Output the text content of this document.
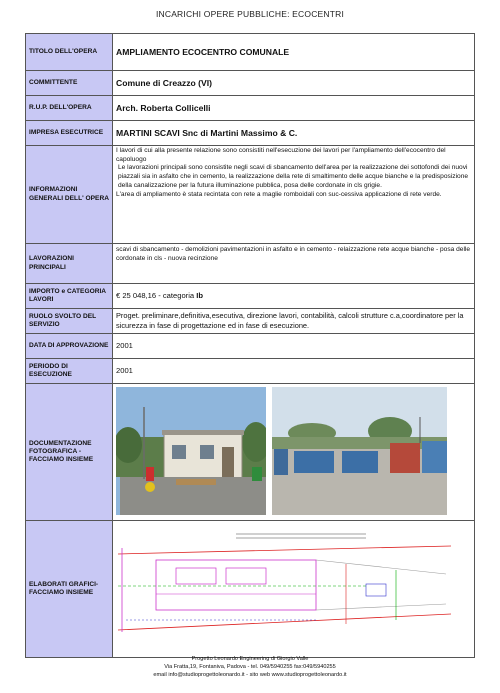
INCARICHI OPERE PUBBLICHE: ECOCENTRI
TITOLO DELL'OPERA	AMPLIAMENTO ECOCENTRO COMUNALE
COMMITTENTE	Comune di Creazzo (VI)
R.U.P. DELL'OPERA	Arch. Roberta Collicelli
IMPRESA ESECUTRICE	MARTINI SCAVI Snc di Martini Massimo & C.
INFORMAZIONI GENERALI DELL' OPERA	I lavori di cui alla presente relazione sono consistiti nell'esecuzione dei lavori per l'ampliamento dell'ecocentro del capoluogo
Le lavorazioni principali sono consistite negli scavi di sbancamento dell'area per la realizzazione dei sottofondi dei nuovi piazzali sia in asfalto che in cemento, la realizzazione della rete di smaltimento delle acque bianche e la predisposizione della canalizzazione per la futura illuminazione pubblica, posa delle cordonate in cls grigie.
L'area di ampliamento è stata recintata con rete a maglie romboidali con suc-cessiva applicazione di rete verde.

LAVORAZIONI PRINCIPALI	scavi di sbancamento - demolizioni pavimentazioni in asfalto e in cemento - relaizzazione rete acque bianche - posa delle cordonate in cls - nuova recinzione
IMPORTO e CATEGORIA LAVORI	€ 25 048,16 - categoria Ib
RUOLO SVOLTO DEL SERVIZIO	Proget. preliminare,definitiva,esecutiva, direzione lavori, contabilità, calcoli strutture c.a,coordinatore per la sicurezza in fase di progettazione ed in fase di esecuzione.
DATA DI APPROVAZIONE	2001
PERIODO DI ESECUZIONE	2001
DOCUMENTAZIONE FOTOGRAFICA - FACCIAMO INSIEME	

ELABORATI GRAFICI- FACCIAMO INSIEME	
Progetto Leonardo Engineering di Giorgio Valle
Via Fratta,19, Fontaniva, Padova - tel. 049/5940255 fax:049/5940255
email info@studioprogettoleonardo.it - sito web www.studioprogettoleonardo.it
